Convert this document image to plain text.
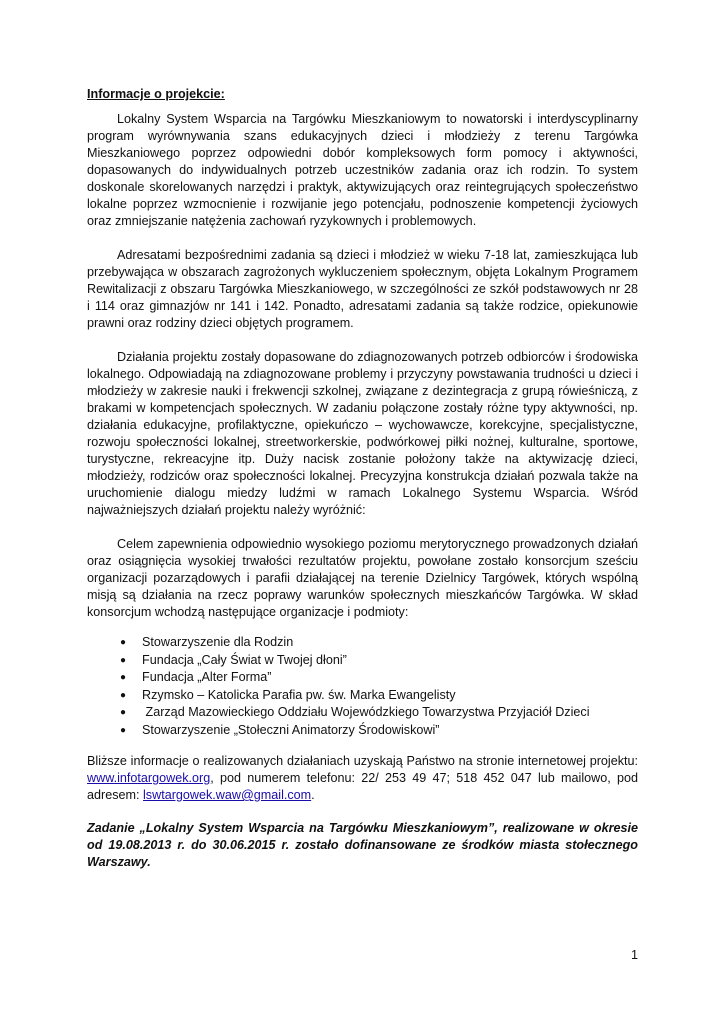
Informacje o projekcie:

Lokalny System Wsparcia na Targówku Mieszkaniowym to nowatorski i interdyscyplinarny program wyrównywania szans edukacyjnych dzieci i młodzieży z terenu Targówka Mieszkaniowego poprzez odpowiedni dobór kompleksowych form pomocy i aktywności, dopasowanych do indywidualnych potrzeb uczestników zadania oraz ich rodzin. To system doskonale skorelowanych narzędzi i praktyk, aktywizujących oraz reintegrujących społeczeństwo lokalne poprzez wzmocnienie i rozwijanie jego potencjału, podnoszenie kompetencji życiowych oraz zmniejszanie natężenia zachowań ryzykownych i problemowych.

Adresatami bezpośrednimi zadania są dzieci i młodzież w wieku 7-18 lat, zamieszkująca lub przebywająca w obszarach zagrożonych wykluczeniem społecznym, objęta Lokalnym Programem Rewitalizacji z obszaru Targówka Mieszkaniowego, w szczególności ze szkół podstawowych nr 28 i 114 oraz gimnazjów nr 141 i 142. Ponadto, adresatami zadania są także rodzice, opiekunowie prawni oraz rodziny dzieci objętych programem.

Działania projektu zostały dopasowane do zdiagnozowanych potrzeb odbiorców i środowiska lokalnego. Odpowiadają na zdiagnozowane problemy i przyczyny powstawania trudności u dzieci i młodzieży w zakresie nauki i frekwencji szkolnej, związane z dezintegracja z grupą rówieśniczą, z brakami w kompetencjach społecznych. W zadaniu połączone zostały różne typy aktywności, np. działania edukacyjne, profilaktyczne, opiekuńczo – wychowawcze, korekcyjne, specjalistyczne, rozwoju społeczności lokalnej, streetworkerskie, podwórkowej piłki nożnej, kulturalne, sportowe, turystyczne, rekreacyjne itp. Duży nacisk zostanie położony także na aktywizację dzieci, młodzieży, rodziców oraz społeczności lokalnej. Precyzyjna konstrukcja działań pozwala także na uruchomienie dialogu miedzy ludźmi w ramach Lokalnego Systemu Wsparcia. Wśród najważniejszych działań projektu należy wyróżnić:

Celem zapewnienia odpowiednio wysokiego poziomu merytorycznego prowadzonych działań oraz osiągnięcia wysokiej trwałości rezultatów projektu, powołane zostało konsorcjum sześciu organizacji pozarządowych i parafii działającej na terenie Dzielnicy Targówek, których wspólną misją są działania na rzecz poprawy warunków społecznych mieszkańców Targówka. W skład konsorcjum wchodzą następujące organizacje i podmioty:

● Stowarzyszenie dla Rodzin
● Fundacja „Cały Świat w Twojej dłoni”
● Fundacja „Alter Forma”
● Rzymsko – Katolicka Parafia pw. św. Marka Ewangelisty
● Zarząd Mazowieckiego Oddziału Wojewódzkiego Towarzystwa Przyjaciół Dzieci
● Stowarzyszenie „Stołeczni Animatorzy Środowiskowi”

Bliższe informacje o realizowanych działaniach uzyskają Państwo na stronie internetowej projektu: www.infotargowek.org, pod numerem telefonu: 22/ 253 49 47; 518 452 047 lub mailowo, pod adresem: lswtargowek.waw@gmail.com.

Zadanie „Lokalny System Wsparcia na Targówku Mieszkaniowym”, realizowane w okresie od 19.08.2013 r. do 30.06.2015 r. zostało dofinansowane ze środków miasta stołecznego Warszawy.

1
